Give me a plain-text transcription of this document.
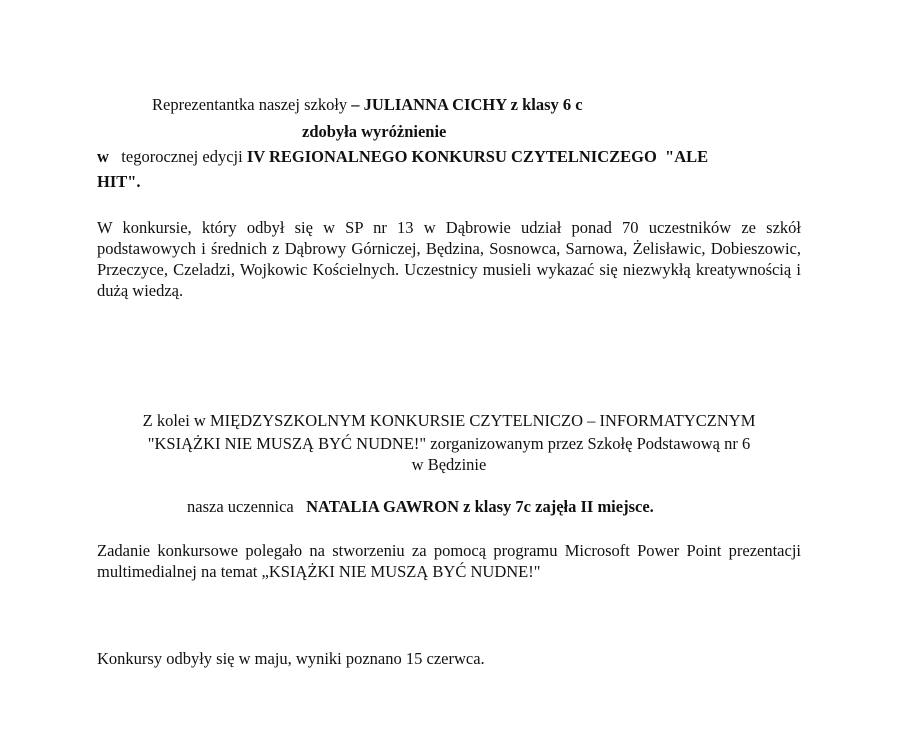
Reprezentantka naszej szkoły – JULIANNA CICHY z klasy 6 c
zdobyła wyróżnienie
w tegorocznej edycji IV REGIONALNEGO KONKURSU CZYTELNICZEGO  "ALE
HIT".
W konkursie, który odbył się w SP nr 13 w Dąbrowie udział ponad 70 uczestników ze szkół podstawowych i średnich z Dąbrowy Górniczej, Będzina, Sosnowca, Sarnowa, Żelisławic, Dobieszowic, Przeczyce, Czeladzi, Wojkowic Kościelnych. Uczestnicy musieli wykazać się niezwykłą kreatywnością i dużą wiedzą.
Z kolei w MIĘDZYSZKOLNYM KONKURSIE CZYTELNICZO – INFORMATYCZNYM
"KSIĄŻKI NIE MUSZĄ BYĆ NUDNE!" zorganizowanym przez Szkołę Podstawową nr 6
w Będzinie
nasza uczennica NATALIA GAWRON z klasy 7c zajęła II miejsce.
Zadanie konkursowe polegało na stworzeniu za pomocą programu Microsoft Power Point prezentacji multimedialnej na temat „KSIĄŻKI NIE MUSZĄ BYĆ NUDNE!"
Konkursy odbyły się w maju, wyniki poznano 15 czerwca.
